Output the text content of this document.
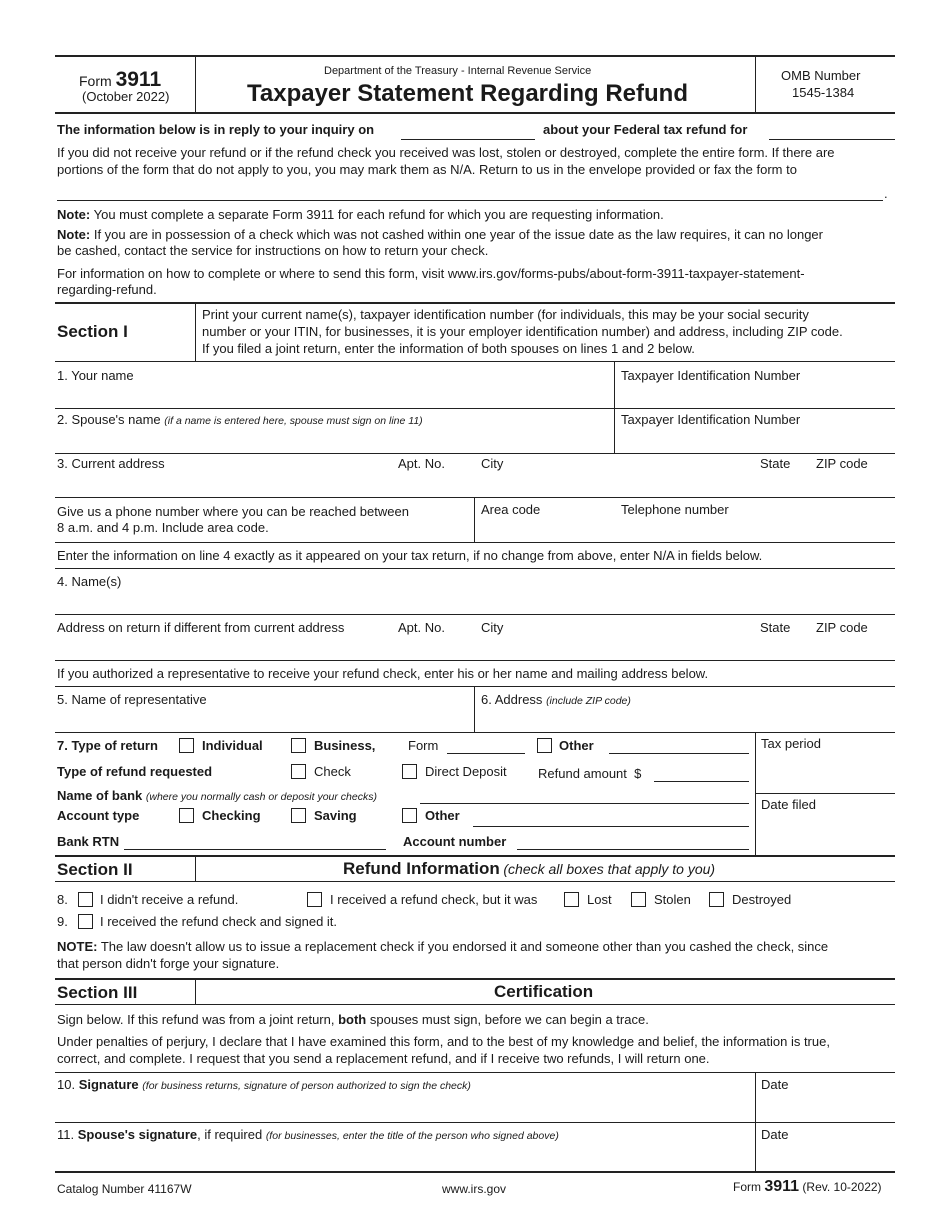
Form 3911
(October 2022)
Department of the Treasury - Internal Revenue Service
Taxpayer Statement Regarding Refund
OMB Number
1545-1384
The information below is in reply to your inquiry on	about your Federal tax refund for
If you did not receive your refund or if the refund check you received was lost, stolen or destroyed, complete the entire form. If there are
portions of the form that do not apply to you, you may mark them as N/A. Return to us in the envelope provided or fax the form to
.
Note: You must complete a separate Form 3911 for each refund for which you are requesting information.
Note: If you are in possession of a check which was not cashed within one year of the issue date as the law requires, it can no longer
be cashed, contact the service for instructions on how to return your check.
For information on how to complete or where to send this form, visit www.irs.gov/forms-pubs/about-form-3911-taxpayer-statement-
regarding-refund.
Section I
Print your current name(s), taxpayer identification number (for individuals, this may be your social security
number or your ITIN, for businesses, it is your employer identification number) and address, including ZIP code.
If you filed a joint return, enter the information of both spouses on lines 1 and 2 below.
1. Your name	Taxpayer Identification Number
2. Spouse's name (if a name is entered here, spouse must sign on line 11)	Taxpayer Identification Number
3. Current address	Apt. No.	City	State ZIP code
Give us a phone number where you can be reached between
8 a.m. and 4 p.m. Include area code.
Area code	Telephone number
Enter the information on line 4 exactly as it appeared on your tax return, if no change from above, enter N/A in fields below.
4. Name(s)
Address on return if different from current address	Apt. No.	City	State ZIP code
If you authorized a representative to receive your refund check, enter his or her name and mailing address below.
5. Name of representative	6. Address (include ZIP code)
Tax period
Date filed
7. Type of return	Individual	Business,	Form	Other
Type of refund requested	Check	Direct Deposit Refund amount $
Name of bank (where you normally cash or deposit your checks)
Account type	Checking	Saving	Other
Bank RTN	Account number
Section II	Refund Information (check all boxes that apply to you)
8. I didn't receive a refund.	I received a refund check, but it was	Lost	Stolen	Destroyed
9. I received the refund check and signed it.
NOTE: The law doesn't allow us to issue a replacement check if you endorsed it and someone other than you cashed the check, since
that person didn't forge your signature.
Section III	Certification
Sign below. If this refund was from a joint return, both spouses must sign, before we can begin a trace.
Under penalties of perjury, I declare that I have examined this form, and to the best of my knowledge and belief, the information is true,
correct, and complete. I request that you send a replacement refund, and if I receive two refunds, I will return one.
10. Signature (for business returns, signature of person authorized to sign the check)	Date
11. Spouse's signature, if required (for businesses, enter the title of the person who signed above)	Date
Catalog Number 41167W	www.irs.gov	Form 3911 (Rev. 10-2022)
